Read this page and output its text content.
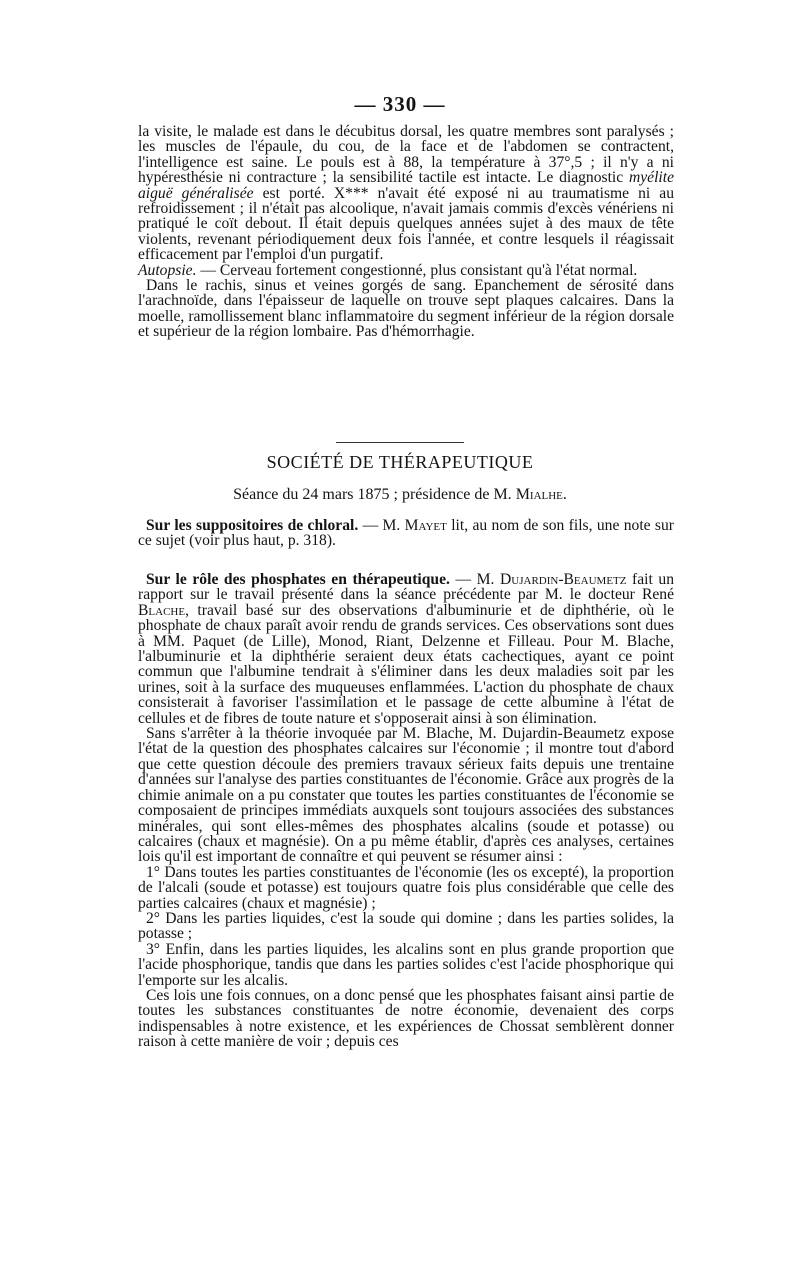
— 330 —

la visite, le malade est dans le décubitus dorsal, les quatre membres sont paralysés ; les muscles de l'épaule, du cou, de la face et de l'abdomen se contractent, l'intelligence est saine. Le pouls est à 88, la température à 37°,5 ; il n'y a ni hypéresthésie ni contracture ; la sensibilité tactile est intacte. Le diagnostic myélite aiguë généralisée est porté. X*** n'avait été exposé ni au traumatisme ni au refroidissement ; il n'était pas alcoolique, n'avait jamais commis d'excès vénériens ni pratiqué le coït debout. Il était depuis quelques années sujet à des maux de tête violents, revenant périodiquement deux fois l'année, et contre lesquels il réagissait efficacement par l'emploi d'un purgatif.

Autopsie. — Cerveau fortement congestionné, plus consistant qu'à l'état normal.

Dans le rachis, sinus et veines gorgés de sang. Epanchement de sérosité dans l'arachnoïde, dans l'épaisseur de laquelle on trouve sept plaques calcaires. Dans la moelle, ramollissement blanc inflammatoire du segment inférieur de la région dorsale et supérieur de la région lombaire. Pas d'hémorrhagie.

SOCIÉTÉ DE THÉRAPEUTIQUE
Séance du 24 mars 1875 ; présidence de M. Mialhe.

Sur les suppositoires de chloral. — M. Mayet lit, au nom de son fils, une note sur ce sujet (voir plus haut, p. 318).

Sur le rôle des phosphates en thérapeutique. — M. Dujardin-Beaumetz fait un rapport sur le travail présenté dans la séance précédente par M. le docteur René Blache, travail basé sur des observations d'albuminurie et de diphthérie, où le phosphate de chaux paraît avoir rendu de grands services. Ces observations sont dues à MM. Paquet (de Lille), Monod, Riant, Delzenne et Filleau. Pour M. Blache, l'albuminurie et la diphthérie seraient deux états cachectiques, ayant ce point commun que l'albumine tendrait à s'éliminer dans les deux maladies soit par les urines, soit à la surface des muqueuses enflammées. L'action du phosphate de chaux consisterait à favoriser l'assimilation et le passage de cette albumine à l'état de cellules et de fibres de toute nature et s'opposerait ainsi à son élimination.

Sans s'arrêter à la théorie invoquée par M. Blache, M. Dujardin-Beaumetz expose l'état de la question des phosphates calcaires sur l'économie ; il montre tout d'abord que cette question découle des premiers travaux sérieux faits depuis une trentaine d'années sur l'analyse des parties constituantes de l'économie. Grâce aux progrès de la chimie animale on a pu constater que toutes les parties constituantes de l'économie se composaient de principes immédiats auxquels sont toujours associées des substances minérales, qui sont elles-mêmes des phosphates alcalins (soude et potasse) ou calcaires (chaux et magnésie). On a pu même établir, d'après ces analyses, certaines lois qu'il est important de connaître et qui peuvent se résumer ainsi :

1° Dans toutes les parties constituantes de l'économie (les os excepté), la proportion de l'alcali (soude et potasse) est toujours quatre fois plus considérable que celle des parties calcaires (chaux et magnésie) ;

2° Dans les parties liquides, c'est la soude qui domine ; dans les parties solides, la potasse ;

3° Enfin, dans les parties liquides, les alcalins sont en plus grande proportion que l'acide phosphorique, tandis que dans les parties solides c'est l'acide phosphorique qui l'emporte sur les alcalis.

Ces lois une fois connues, on a donc pensé que les phosphates faisant ainsi partie de toutes les substances constituantes de notre économie, devenaient des corps indispensables à notre existence, et les expériences de Chossat semblèrent donner raison à cette manière de voir ; depuis ces
